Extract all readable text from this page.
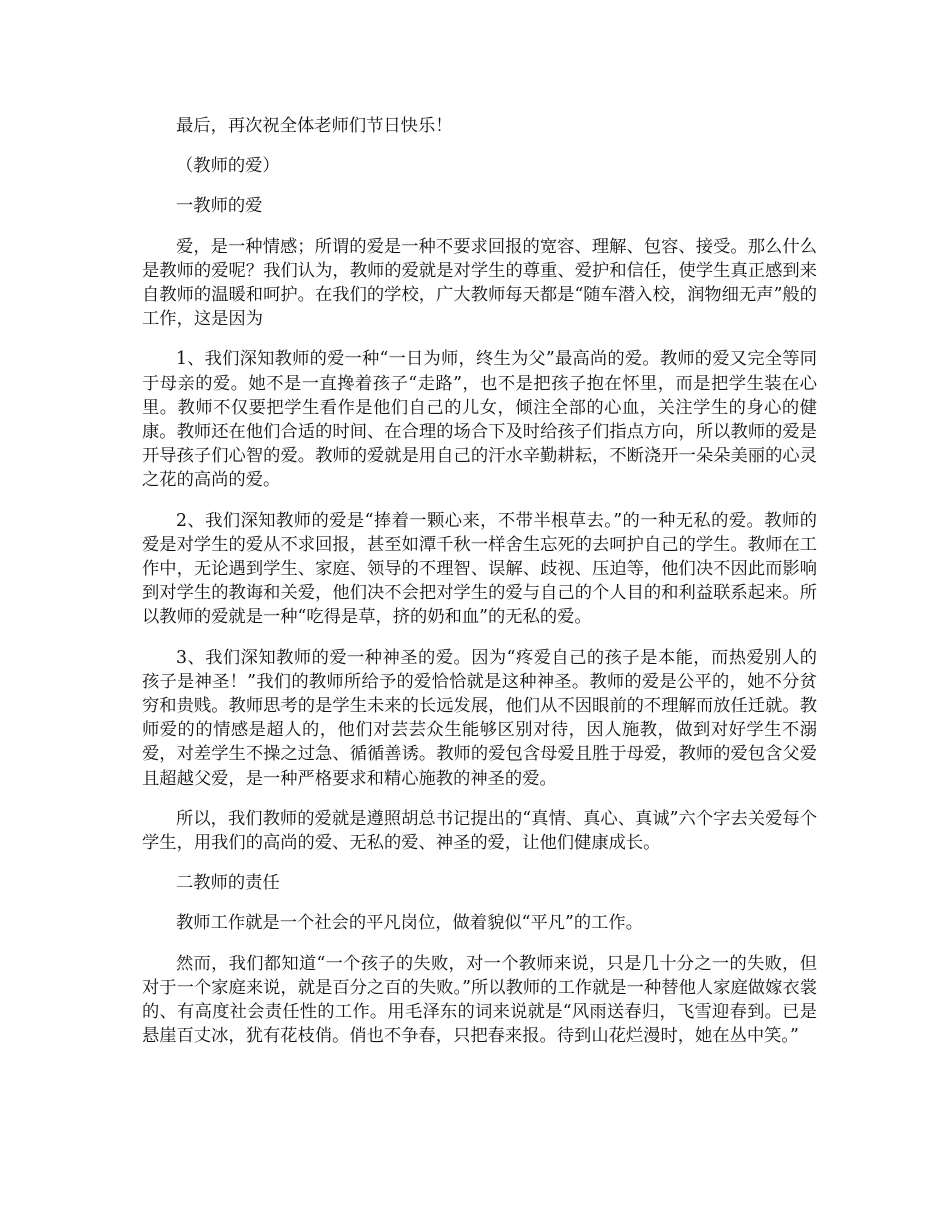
最后，再次祝全体老师们节日快乐！

（教师的爱）

一教师的爱

爱，是一种情感；所谓的爱是一种不要求回报的宽容、理解、包容、接受。那么什么是教师的爱呢？我们认为，教师的爱就是对学生的尊重、爱护和信任，使学生真正感到来自教师的温暖和呵护。在我们的学校，广大教师每天都是“随车潜入校，润物细无声”般的工作，这是因为

1、我们深知教师的爱一种“一日为师，终生为父”最高尚的爱。教师的爱又完全等同于母亲的爱。她不是一直搀着孩子“走路”，也不是把孩子抱在怀里，而是把学生装在心里。教师不仅要把学生看作是他们自己的儿女，倾注全部的心血，关注学生的身心的健康。教师还在他们合适的时间、在合理的场合下及时给孩子们指点方向，所以教师的爱是开导孩子们心智的爱。教师的爱就是用自己的汗水辛勤耕耘，不断浇开一朵朵美丽的心灵之花的高尚的爱。

2、我们深知教师的爱是“捧着一颗心来，不带半根草去。”的一种无私的爱。教师的爱是对学生的爱从不求回报，甚至如潭千秋一样舍生忘死的去呵护自己的学生。教师在工作中，无论遇到学生、家庭、领导的不理智、误解、歧视、压迫等，他们决不因此而影响到对学生的教诲和关爱，他们决不会把对学生的爱与自己的个人目的和利益联系起来。所以教师的爱就是一种“吃得是草，挤的奶和血”的无私的爱。

3、我们深知教师的爱一种神圣的爱。因为“疼爱自己的孩子是本能，而热爱别人的孩子是神圣！”我们的教师所给予的爱恰恰就是这种神圣。教师的爱是公平的，她不分贫穷和贵贱。教师思考的是学生未来的长远发展，他们从不因眼前的不理解而放任迁就。教师爱的的情感是超人的，他们对芸芸众生能够区别对待，因人施教，做到对好学生不溺爱，对差学生不操之过急、循循善诱。教师的爱包含母爱且胜于母爱，教师的爱包含父爱且超越父爱，是一种严格要求和精心施教的神圣的爱。

所以，我们教师的爱就是遵照胡总书记提出的“真情、真心、真诚”六个字去关爱每个学生，用我们的高尚的爱、无私的爱、神圣的爱，让他们健康成长。

二教师的责任

教师工作就是一个社会的平凡岗位，做着貌似“平凡”的工作。

然而，我们都知道“一个孩子的失败，对一个教师来说，只是几十分之一的失败，但对于一个家庭来说，就是百分之百的失败。”所以教师的工作就是一种替他人家庭做嫁衣裳的、有高度社会责任性的工作。用毛泽东的词来说就是“风雨送春归，飞雪迎春到。已是悬崖百丈冰，犹有花枝俏。俏也不争春，只把春来报。待到山花烂漫时，她在丛中笑。”
